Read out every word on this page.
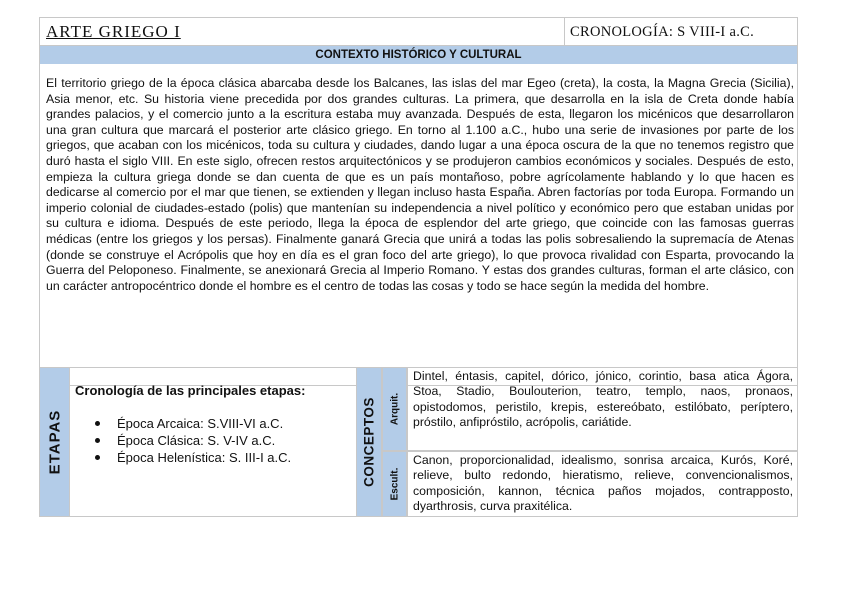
ARTE GRIEGO I	CRONOLOGÍA: S VIII-I a.C.
CONTEXTO HISTÓRICO Y CULTURAL

El territorio griego de la época clásica abarcaba desde los Balcanes, las islas del mar Egeo (creta), la costa, la Magna Grecia (Sicilia), Asia menor, etc. Su historia viene precedida por dos grandes culturas. La primera, que desarrolla en la isla de Creta donde había grandes palacios, y el comercio junto a la escritura estaba muy avanzada. Después de esta, llegaron los micénicos que desarrollaron una gran cultura que marcará el posterior arte clásico griego. En torno al 1.100 a.C., hubo una serie de invasiones por parte de los griegos, que acaban con los micénicos, toda su cultura y ciudades, dando lugar a una época oscura de la que no tenemos registro que duró hasta el siglo VIII. En este siglo, ofrecen restos arquitectónicos y se produjeron cambios económicos y sociales. Después de esto, empieza la cultura griega donde se dan cuenta de que es un país montañoso, pobre agrícolamente hablando y lo que hacen es dedicarse al comercio por el mar que tienen, se extienden y llegan incluso hasta España. Abren factorías por toda Europa. Formando un imperio colonial de ciudades-estado (polis) que mantenían su independencia a nivel político y económico pero que estaban unidas por su cultura e idioma. Después de este periodo, llega la época de esplendor del arte griego, que coincide con las famosas guerras médicas (entre los griegos y los persas). Finalmente ganará Grecia que unirá a todas las polis sobresaliendo la supremacía de Atenas (donde se construye el Acrópolis que hoy en día es el gran foco del arte griego), lo que provoca rivalidad con Esparta, provocando la Guerra del Peloponeso. Finalmente, se anexionará Grecia al Imperio Romano. Y estas dos grandes culturas, forman el arte clásico, con un carácter antropocéntrico donde el hombre es el centro de todas las cosas y todo se hace según la medida del hombre.

ETAPAS
Cronología de las principales etapas:
Época Arcaica: S.VIII-VI a.C.
Época Clásica: S. V-IV a.C.
Época Helenística: S. III-I a.C.	CONCEPTOS Arquit.

Dintel, éntasis, capitel, dórico, jónico, corintio, basa atica Ágora, Stoa, Stadio, Boulouterion, teatro, templo, naos, pronaos, opistodomos, peristilo, krepis, estereóbato, estilóbato, períptero, próstilo, anfipróstilo, acrópolis, cariátide.

Escult.

Canon, proporcionalidad, idealismo, sonrisa arcaica, Kurós, Koré, relieve, bulto redondo, hieratismo, relieve, convencionalismos, composición, kannon, técnica paños mojados, contrapposto, dyarthrosis, curva praxitélica.
